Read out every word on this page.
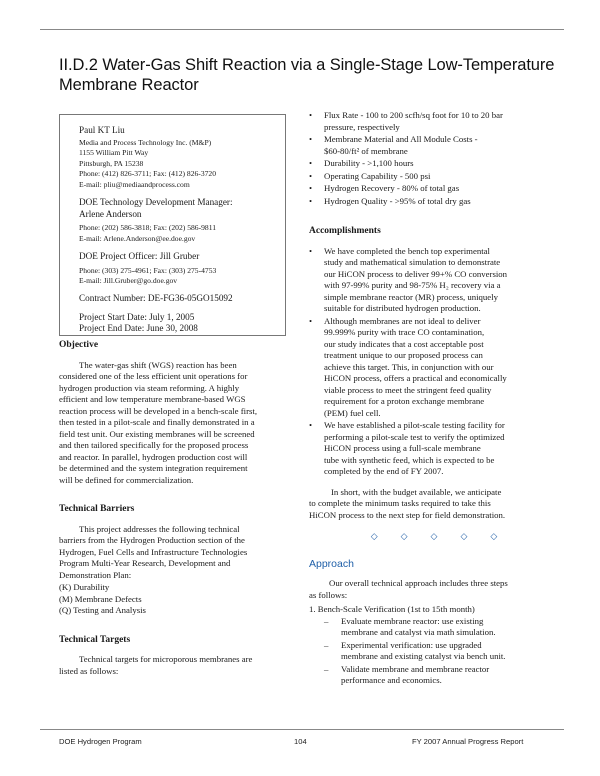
II.D.2 Water-Gas Shift Reaction via a Single-Stage Low-Temperature
Membrane Reactor
Paul KT Liu
Media and Process Technology Inc. (M&P)
1155 William Pitt Way
Pittsburgh, PA 15238
Phone: (412) 826-3711; Fax: (412) 826-3720
E-mail: pliu@mediaandprocess.com
DOE Technology Development Manager:
Arlene Anderson
Phone: (202) 586-3818; Fax: (202) 586-9811
E-mail: Arlene.Anderson@ee.doe.gov
DOE Project Officer: Jill Gruber
Phone: (303) 275-4961; Fax: (303) 275-4753
E-mail: Jill.Gruber@go.doe.gov
Contract Number: DE-FG36-05GO15092
Project Start Date: July 1, 2005
Project End Date: June 30, 2008
Objective
The water-gas shift (WGS) reaction has been
considered one of the less efficient unit operations for
hydrogen production via steam reforming. A highly
efficient and low temperature membrane-based WGS
reaction process will be developed in a bench-scale first,
then tested in a pilot-scale and finally demonstrated in a
field test unit. Our existing membranes will be screened
and then tailored specifically for the proposed process
and reactor. In parallel, hydrogen production cost will
be determined and the system integration requirement
will be defined for commercialization.
Technical Barriers
This project addresses the following technical
barriers from the Hydrogen Production section of the
Hydrogen, Fuel Cells and Infrastructure Technologies
Program Multi-Year Research, Development and
Demonstration Plan:
(K) Durability
(M) Membrane Defects
(Q) Testing and Analysis
Technical Targets
Technical targets for microporous membranes are
listed as follows:
• Flux Rate - 100 to 200 scfh/sq foot for 10 to 20 bar
pressure, respectively
• Membrane Material and All Module Costs -
$60-80/ft² of membrane
• Durability - >1,100 hours
• Operating Capability - 500 psi
• Hydrogen Recovery - 80% of total gas
• Hydrogen Quality - >95% of total dry gas
Accomplishments
• We have completed the bench top experimental
study and mathematical simulation to demonstrate
our HiCON process to deliver 99+% CO conversion
with 97-99% purity and 98-75% H₂ recovery via a
simple membrane reactor (MR) process, uniquely
suitable for distributed hydrogen production.
• Although membranes are not ideal to deliver
99.999% purity with trace CO contamination,
our study indicates that a cost acceptable post
treatment unique to our proposed process can
achieve this target. This, in conjunction with our
HiCON process, offers a practical and economically
viable process to meet the stringent feed quality
requirement for a proton exchange membrane
(PEM) fuel cell.
• We have established a pilot-scale testing facility for
performing a pilot-scale test to verify the optimized
HiCON process using a full-scale membrane
tube with synthetic feed, which is expected to be
completed by the end of FY 2007.
In short, with the budget available, we anticipate
to complete the minimum tasks required to take this
HiCON process to the next step for field demonstration.
◇	◇	◇	◇	◇
Approach
Our overall technical approach includes three steps
as follows:
1. Bench-Scale Verification (1st to 15th month)
– Evaluate membrane reactor: use existing
membrane and catalyst via math simulation.
– Experimental verification: use upgraded
membrane and existing catalyst via bench unit.
– Validate membrane and membrane reactor
performance and economics.
DOE Hydrogen Program	104	FY 2007 Annual Progress Report
